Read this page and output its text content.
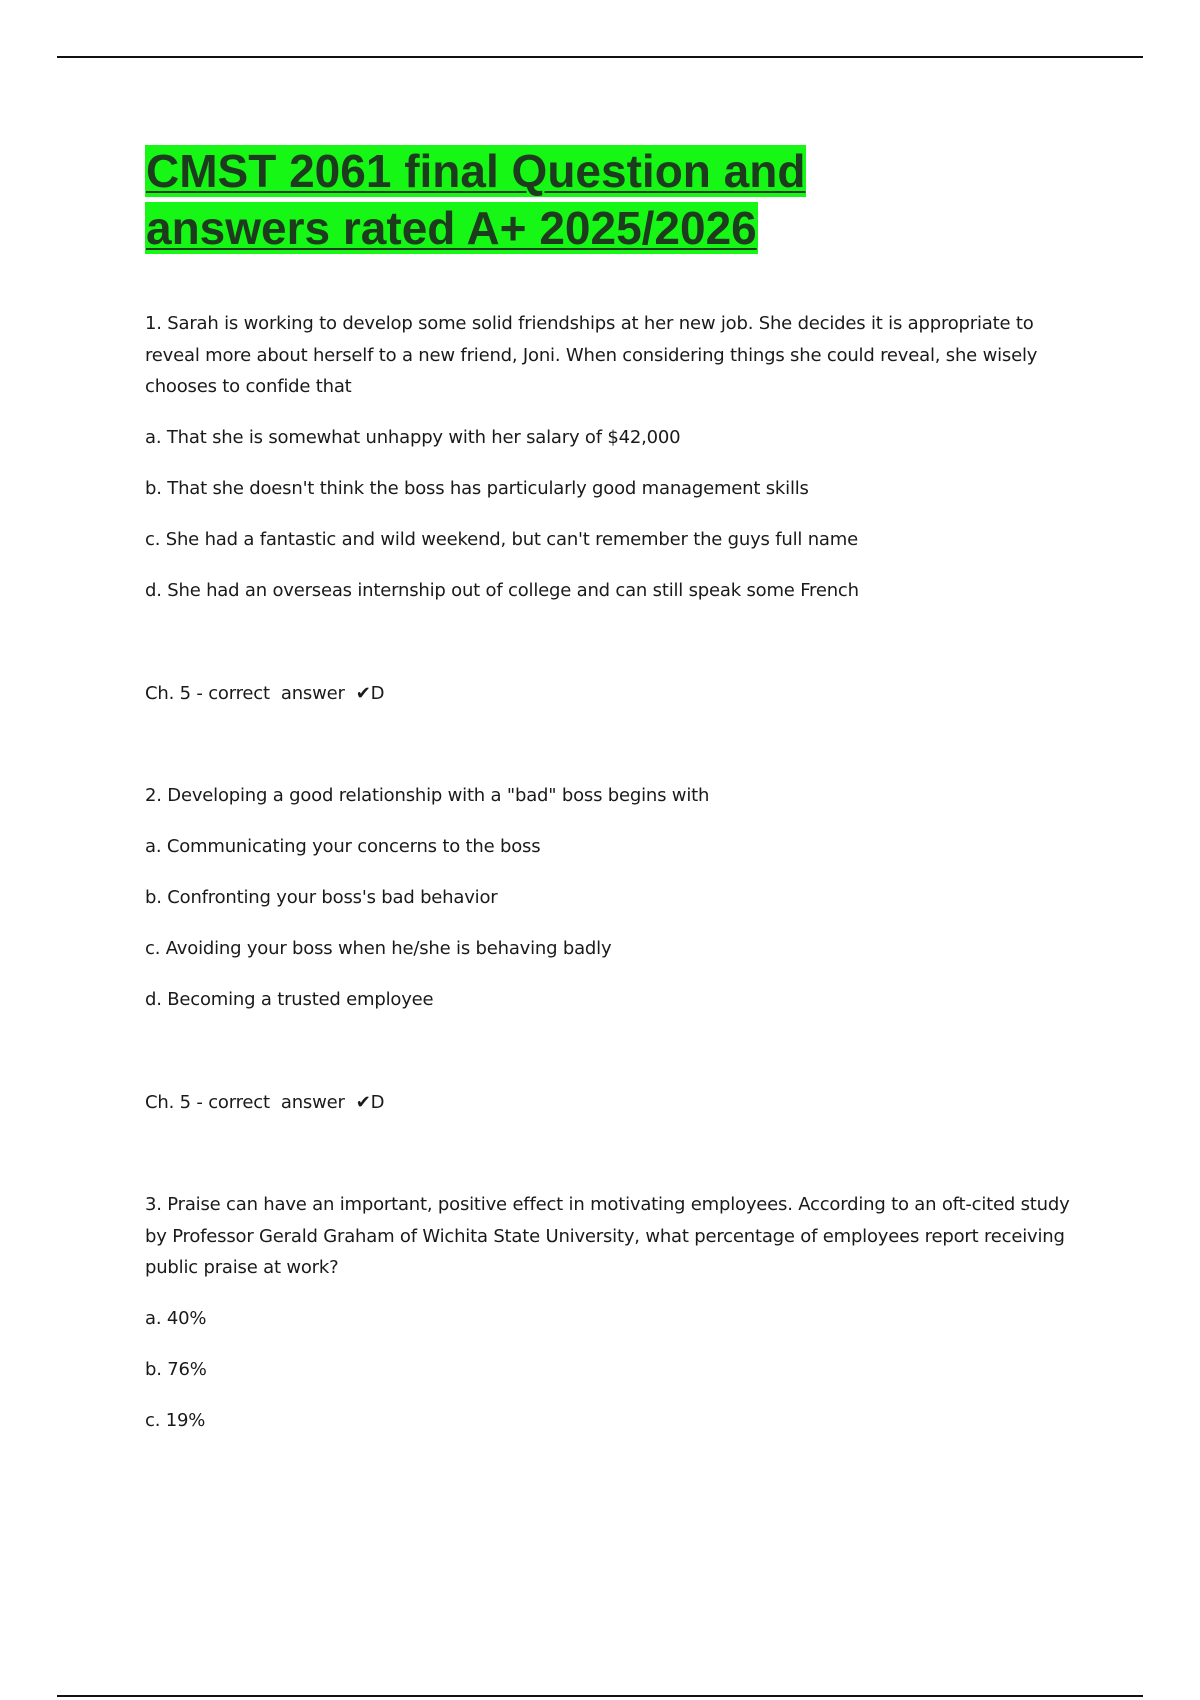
CMST 2061 final Question and
answers rated A+ 2025/2026

1. Sarah is working to develop some solid friendships at her new job. She decides it is appropriate to reveal more about herself to a new friend, Joni. When considering things she could reveal, she wisely chooses to confide that

a. That she is somewhat unhappy with her salary of $42,000

b. That she doesn't think the boss has particularly good management skills

c. She had a fantastic and wild weekend, but can't remember the guys full name

d. She had an overseas internship out of college and can still speak some French

Ch. 5 - correct  answer  ✔D

2. Developing a good relationship with a "bad" boss begins with

a. Communicating your concerns to the boss

b. Confronting your boss's bad behavior

c. Avoiding your boss when he/she is behaving badly

d. Becoming a trusted employee

Ch. 5 - correct  answer  ✔D

3. Praise can have an important, positive effect in motivating employees. According to an oft-cited study by Professor Gerald Graham of Wichita State University, what percentage of employees report receiving public praise at work?

a. 40%

b. 76%

c. 19%
